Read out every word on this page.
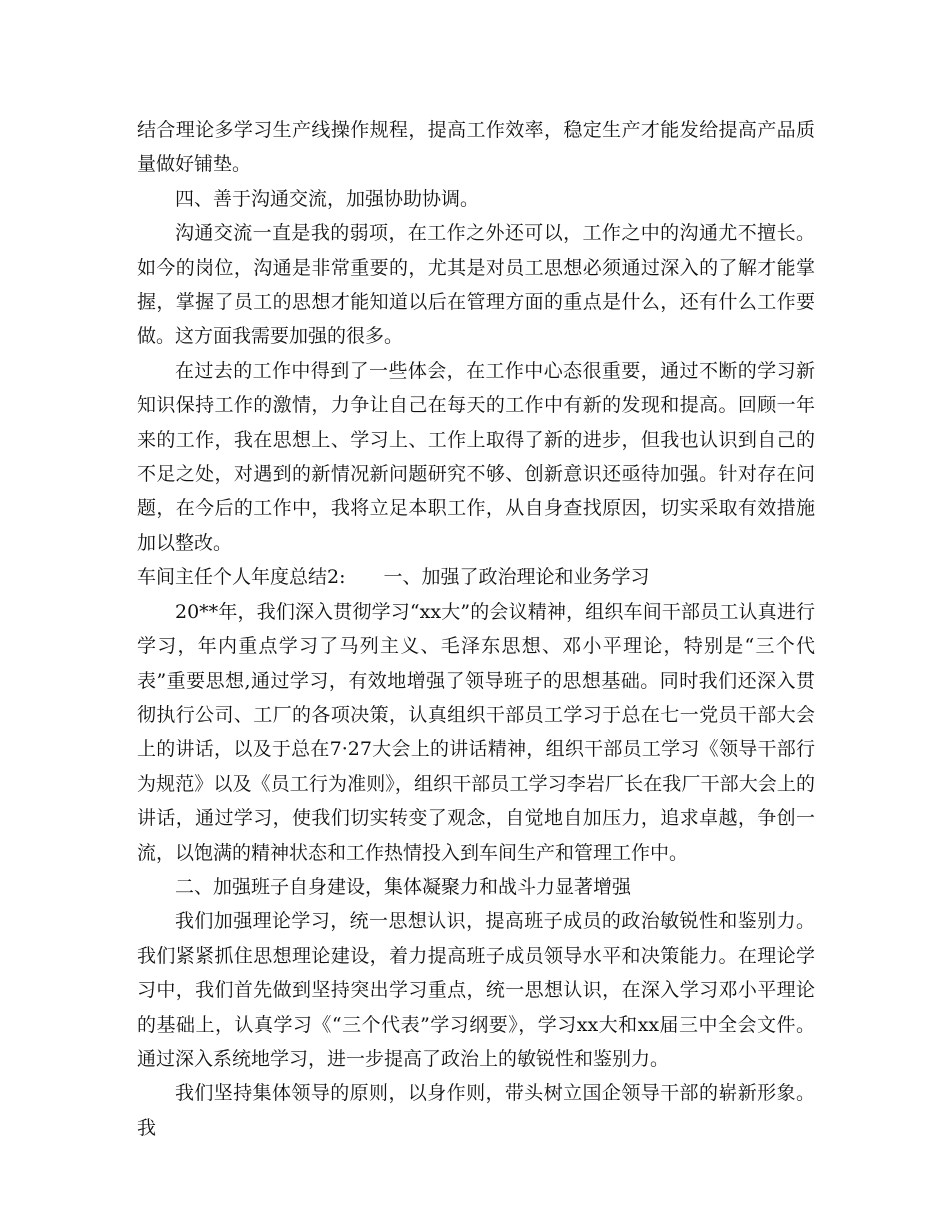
结合理论多学习生产线操作规程，提高工作效率，稳定生产才能发给提高产品质量做好铺垫。

四、善于沟通交流，加强协助协调。

沟通交流一直是我的弱项，在工作之外还可以，工作之中的沟通尤不擅长。如今的岗位，沟通是非常重要的，尤其是对员工思想必须通过深入的了解才能掌握，掌握了员工的思想才能知道以后在管理方面的重点是什么，还有什么工作要做。这方面我需要加强的很多。

在过去的工作中得到了一些体会，在工作中心态很重要，通过不断的学习新知识保持工作的激情，力争让自己在每天的工作中有新的发现和提高。回顾一年来的工作，我在思想上、学习上、工作上取得了新的进步，但我也认识到自己的不足之处，对遇到的新情况新问题研究不够、创新意识还亟待加强。针对存在问题，在今后的工作中，我将立足本职工作，从自身查找原因，切实采取有效措施加以整改。

车间主任个人年度总结2:　　一、加强了政治理论和业务学习

20**年，我们深入贯彻学习“xx大”的会议精神，组织车间干部员工认真进行学习，年内重点学习了马列主义、毛泽东思想、邓小平理论，特别是“三个代表”重要思想,通过学习，有效地增强了领导班子的思想基础。同时我们还深入贯彻执行公司、工厂的各项决策，认真组织干部员工学习于总在七一党员干部大会上的讲话，以及于总在7·27大会上的讲话精神，组织干部员工学习《领导干部行为规范》以及《员工行为准则》，组织干部员工学习李岩厂长在我厂干部大会上的讲话，通过学习，使我们切实转变了观念，自觉地自加压力，追求卓越，争创一流，以饱满的精神状态和工作热情投入到车间生产和管理工作中。

二、加强班子自身建设，集体凝聚力和战斗力显著增强

我们加强理论学习，统一思想认识，提高班子成员的政治敏锐性和鉴别力。我们紧紧抓住思想理论建设，着力提高班子成员领导水平和决策能力。在理论学习中，我们首先做到坚持突出学习重点，统一思想认识，在深入学习邓小平理论的基础上，认真学习《“三个代表”学习纲要》，学习xx大和xx届三中全会文件。通过深入系统地学习，进一步提高了政治上的敏锐性和鉴别力。

我们坚持集体领导的原则，以身作则，带头树立国企领导干部的崭新形象。我
